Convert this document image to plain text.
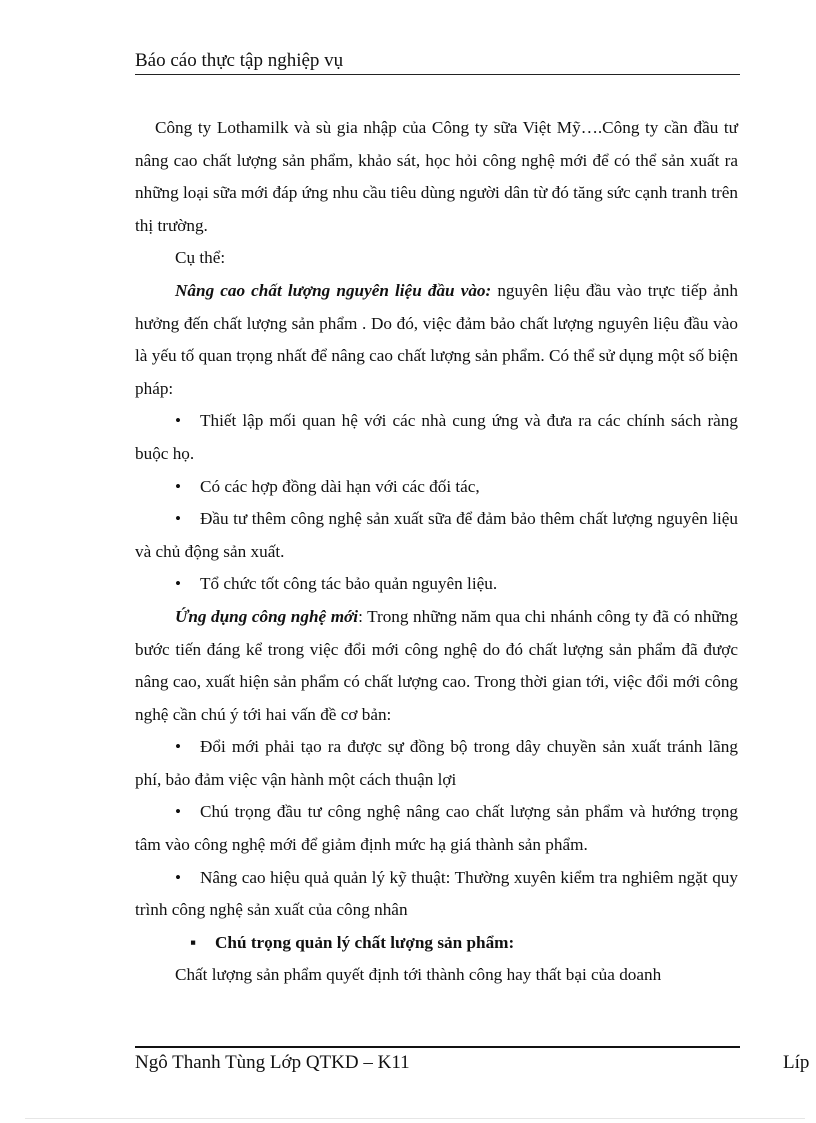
Báo cáo thực tập nghiệp vụ

Công ty Lothamilk và sù gia nhập của Công ty sữa Việt Mỹ….Công ty cần đầu tư nâng cao chất lượng sản phẩm, khảo sát, học hỏi công nghệ mới để có thể sản xuất ra những loại sữa mới đáp ứng nhu cầu tiêu dùng người dân từ đó tăng sức cạnh tranh trên thị trường.

Cụ thể:

Nâng cao chất lượng nguyên liệu đầu vào: nguyên liệu đầu vào trực tiếp ảnh hưởng đến chất lượng sản phẩm . Do đó, việc đảm bảo chất lượng nguyên liệu đầu vào là yếu tố quan trọng nhất để nâng cao chất lượng sản phẩm. Có thể sử dụng một số biện pháp:

• Thiết lập mối quan hệ với các nhà cung ứng và đưa ra các chính sách ràng buộc họ.

• Có các hợp đồng dài hạn với các đối tác,

• Đầu tư thêm công nghệ sản xuất sữa để đảm bảo thêm chất lượng nguyên liệu và chủ động sản xuất.

• Tổ chức tốt công tác bảo quản nguyên liệu.

Ứng dụng công nghệ mới: Trong những năm qua chi nhánh công ty đã có những bước tiến đáng kể trong việc đổi mới công nghệ do đó chất lượng sản phẩm đã được nâng cao, xuất hiện sản phẩm có chất lượng cao. Trong thời gian tới, việc đổi mới công nghệ cần chú ý tới hai vấn đề cơ bản:

• Đổi mới phải tạo ra được sự đồng bộ trong dây chuyền sản xuất tránh lãng phí, bảo đảm việc vận hành một cách thuận lợi

• Chú trọng đầu tư công nghệ nâng cao chất lượng sản phẩm và hướng trọng tâm vào công nghệ mới để giảm định mức hạ giá thành sản phẩm.

• Nâng cao hiệu quả quản lý kỹ thuật: Thường xuyên kiểm tra nghiêm ngặt quy trình công nghệ sản xuất của công nhân

▪ Chú trọng quản lý chất lượng sản phẩm:

Chất lượng sản phẩm quyết định tới thành công hay thất bại của doanh

Ngô Thanh Tùng Lớp QTKD – K11	Líp
